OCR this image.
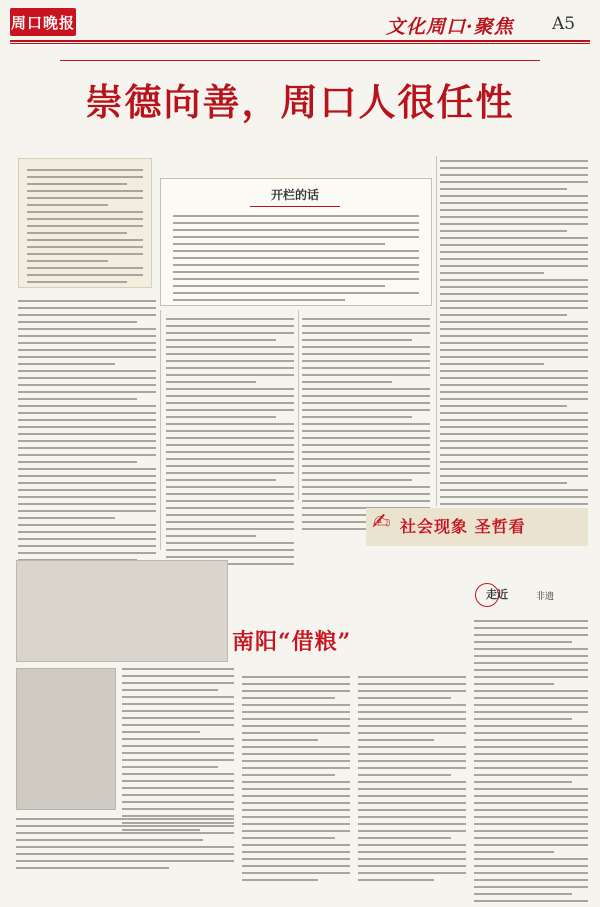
周口晚报	文化周口·聚焦 A5
崇德向善，周口人很任性
开栏的话
✍ 社会现象 圣哲看
走近	非遗
南阳“借粮”
